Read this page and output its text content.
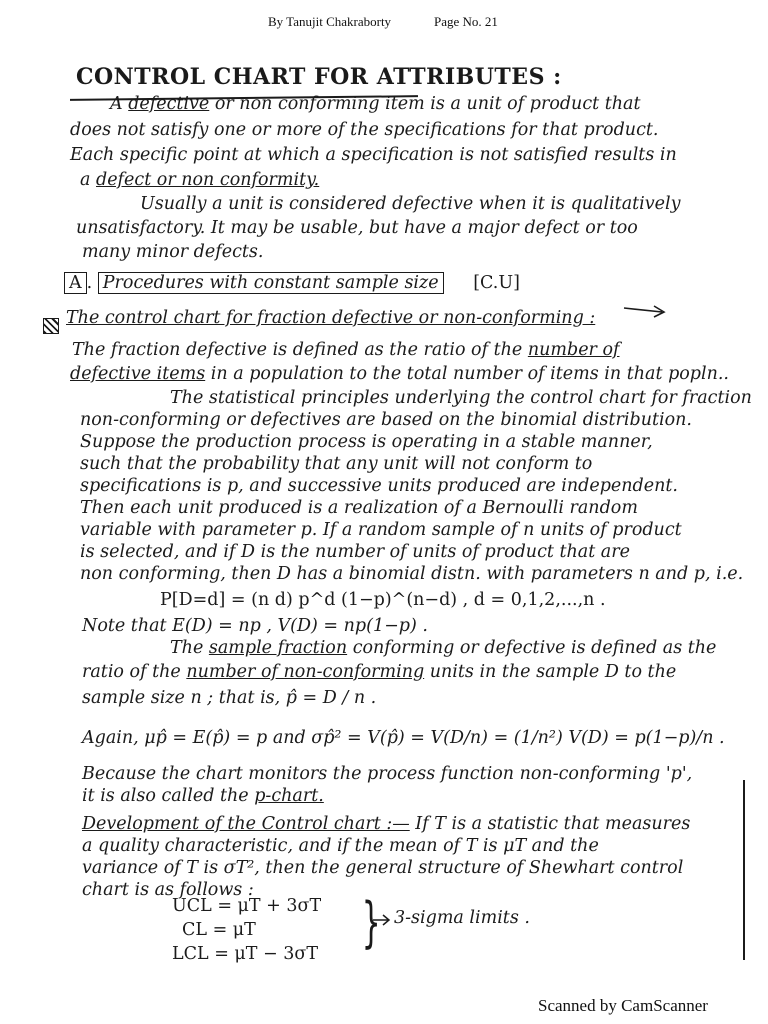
By Tanujit Chakraborty	Page No. 21
CONTROL CHART FOR ATTRIBUTES :
A defective or non conforming item is a unit of product that
does not satisfy one or more of the specifications for that product.
Each specific point at which a specification is not satisfied results in
a defect or non conformity.
Usually a unit is considered defective when it is qualitatively
unsatisfactory. It may be usable, but have a major defect or too
many minor defects.
A . Procedures with constant sample size [C.U]
The control chart for fraction defective or non-conforming :
The fraction defective is defined as the ratio of the number of
defective items in a population to the total number of items in that popln..
The statistical principles underlying the control chart for fraction
non-conforming or defectives are based on the binomial distribution.
Suppose the production process is operating in a stable manner,
such that the probability that any unit will not conform to
specifications is p, and successive units produced are independent.
Then each unit produced is a realization of a Bernoulli random
variable with parameter p. If a random sample of n units of product
is selected, and if D is the number of units of product that are
non conforming, then D has a binomial distn. with parameters n and p, i.e.
P[D=d] = (n d) p^d (1−p)^(n−d) , d = 0,1,2,...,n .
Note that E(D) = np , V(D) = np(1−p) .
The sample fraction conforming or defective is defined as the
ratio of the number of non-conforming units in the sample D to the
sample size n ; that is, p̂ = D / n .
Again, μp̂ = E(p̂) = p and σp̂² = V(p̂) = V(D/n) = (1/n²) V(D) = p(1−p)/n .
Because the chart monitors the process function non-conforming 'p',
it is also called the p-chart.
Development of the Control chart :— If T is a statistic that measures
a quality characteristic, and if the mean of T is μT and the
variance of T is σT², then the general structure of Shewhart control
chart is as follows :
UCL = μT + 3σT
CL = μT
LCL = μT − 3σT } 3-sigma limits .
Scanned by CamScanner
